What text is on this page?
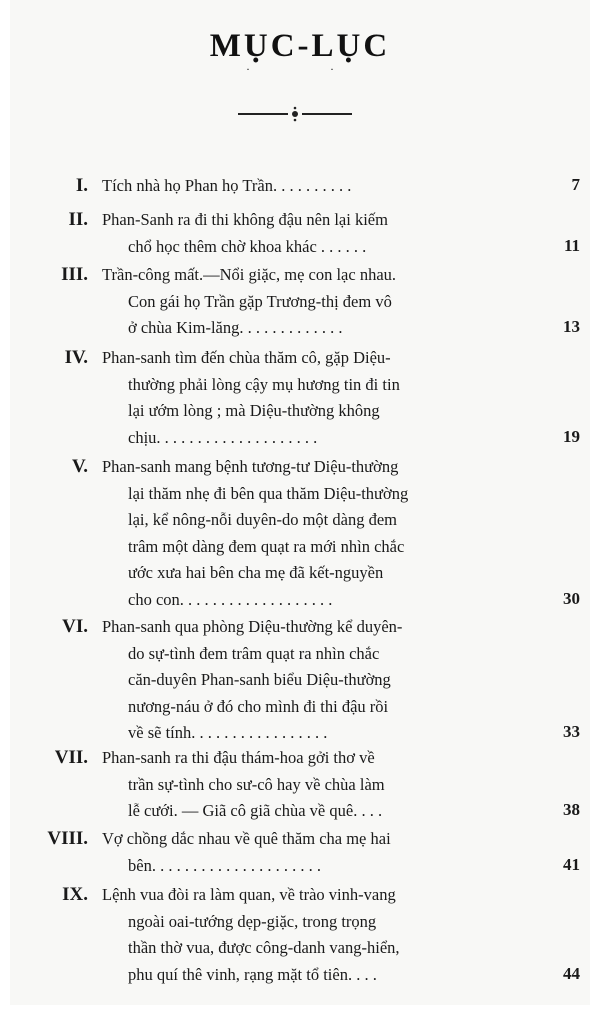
MỤC-LỤC
··
I. Tích nhà họ Phan họ Trần. . . . . . . . . .	7
II. Phan-Sanh ra đi thi không đậu nên lại kiếm
chổ học thêm chờ khoa khác . . . . . .	11
III. Trần-công mất.—Nổi giặc, mẹ con lạc nhau.
Con gái họ Trần gặp Trương-thị đem vô
ở chùa Kim-lăng. . . . . . . . . . . . .	13
IV. Phan-sanh tìm đến chùa thăm cô, gặp Diệu-
thường phải lòng cậy mụ hương tin đi tin
lại ướm lòng ; mà Diệu-thường không
chịu. . . . . . . . . . . . . . . . . . . .	19
V. Phan-sanh mang bệnh tương-tư Diệu-thường
lại thăm nhẹ đi bên qua thăm Diệu-thường
lại, kể nông-nỗi duyên-do một dàng đem
trâm một dàng đem quạt ra mới nhìn chắc
ước xưa hai bên cha mẹ đã kết-nguyền
cho con. . . . . . . . . . . . . . . . . . .	30
VI. Phan-sanh qua phòng Diệu-thường kể duyên-
do sự-tình đem trâm quạt ra nhìn chắc
căn-duyên Phan-sanh biểu Diệu-thường
nương-náu ở đó cho mình đi thi đậu rồi
về sẽ tính. . . . . . . . . . . . . . . . .	33
VII. Phan-sanh ra thi đậu thám-hoa gởi thơ về
trần sự-tình cho sư-cô hay về chùa làm
lễ cưới. — Giã cô giã chùa về quê. . . .	38
VIII. Vợ chồng dắc nhau về quê thăm cha mẹ hai
bên. . . . . . . . . . . . . . . . . . . . .	41
IX. Lệnh vua đòi ra làm quan, về trào vinh-vang
ngoài oai-tướng dẹp-giặc, trong trọng
thần thờ vua, được công-danh vang-hiển,
phu quí thê vinh, rạng mặt tổ tiên. . . .	44
